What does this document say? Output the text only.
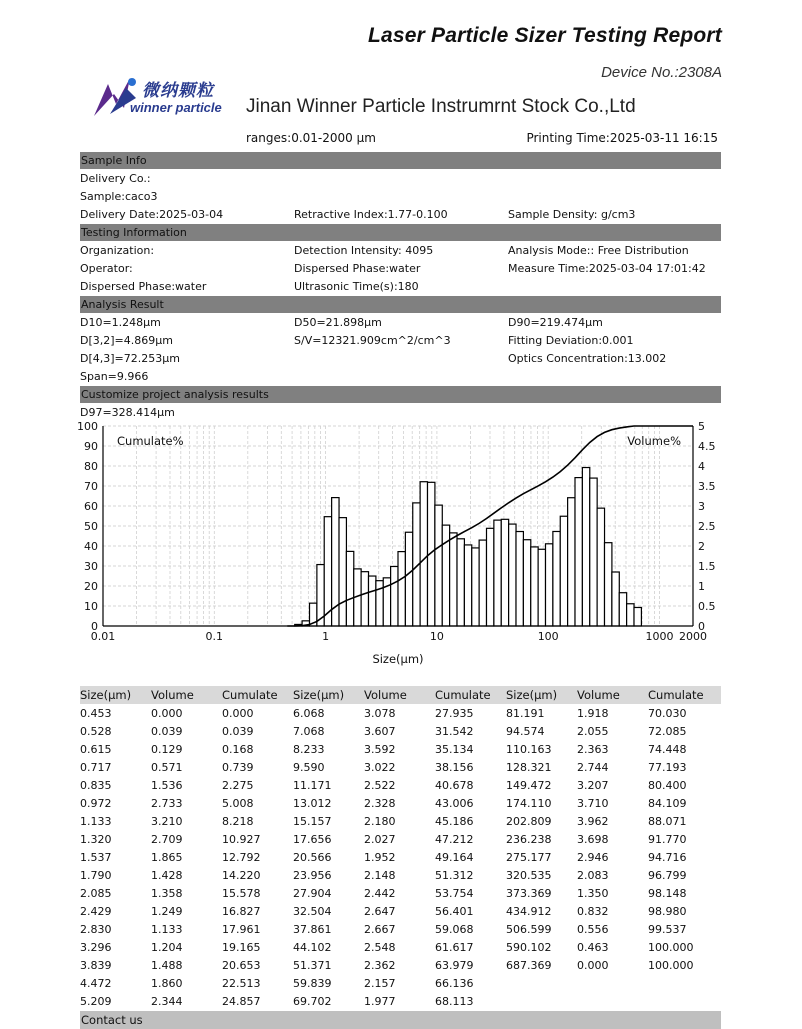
Laser Particle Sizer Testing Report
Device No.:2308A
微纳颗粒
winner particle Jinan Winner Particle Instrumrnt Stock Co.,Ltd
ranges:0.01-2000 μm	Printing Time:2025-03-11 16:15
Sample Info
Delivery Co.:
Sample:caco3
Delivery Date:2025-03-04	Retractive Index:1.77-0.100	Sample Density: g/cm3
Testing Information
Organization:	Detection Intensity: 4095	Analysis Mode:: Free Distribution
Operator:	Dispersed Phase:water	Measure Time:2025-03-04 17:01:42
Dispersed Phase:water	Ultrasonic Time(s):180
Analysis Result
D10=1.248μm	D50=21.898μm	D90=219.474μm
D[3,2]=4.869μm	S/V=12321.909cm^2/cm^3	Fitting Deviation:0.001
D[4,3]=72.253μm	Optics Concentration:13.002
Span=9.966
Customize project analysis results
D97=328.414μm
0
10
20
30
40
50
60
70
80
90
100
0
0.5
1
1.5
2
2.5
3
3.5
4
4.5
5
0.01	0.1	1	10	100	1000 2000
Size(μm)
Cumulate%	Volume%
Size(μm) Volume Cumulate Size(μm) Volume Cumulate Size(μm) Volume Cumulate
0.453	0.000	0.000	6.068	3.078	27.935	81.191	1.918	70.030
0.528	0.039	0.039	7.068	3.607	31.542	94.574	2.055	72.085
0.615	0.129	0.168	8.233	3.592	35.134	110.163 2.363	74.448
0.717	0.571	0.739	9.590	3.022	38.156	128.321 2.744	77.193
0.835	1.536	2.275	11.171	2.522	40.678	149.472 3.207	80.400
0.972	2.733	5.008	13.012	2.328	43.006	174.110 3.710	84.109
1.133	3.210	8.218	15.157	2.180	45.186	202.809 3.962	88.071
1.320	2.709	10.927	17.656	2.027	47.212	236.238 3.698	91.770
1.537	1.865	12.792	20.566	1.952	49.164	275.177 2.946	94.716
1.790	1.428	14.220	23.956	2.148	51.312	320.535 2.083	96.799
2.085	1.358	15.578	27.904	2.442	53.754	373.369 1.350	98.148
2.429	1.249	16.827	32.504	2.647	56.401	434.912 0.832	98.980
2.830	1.133	17.961	37.861	2.667	59.068	506.599 0.556	99.537
3.296	1.204	19.165	44.102	2.548	61.617	590.102 0.463	100.000
3.839	1.488	20.653	51.371	2.362	63.979	687.369 0.000	100.000
4.472	1.860	22.513	59.839	2.157	66.136
5.209	2.344	24.857	69.702	1.977	68.113
Contact us
